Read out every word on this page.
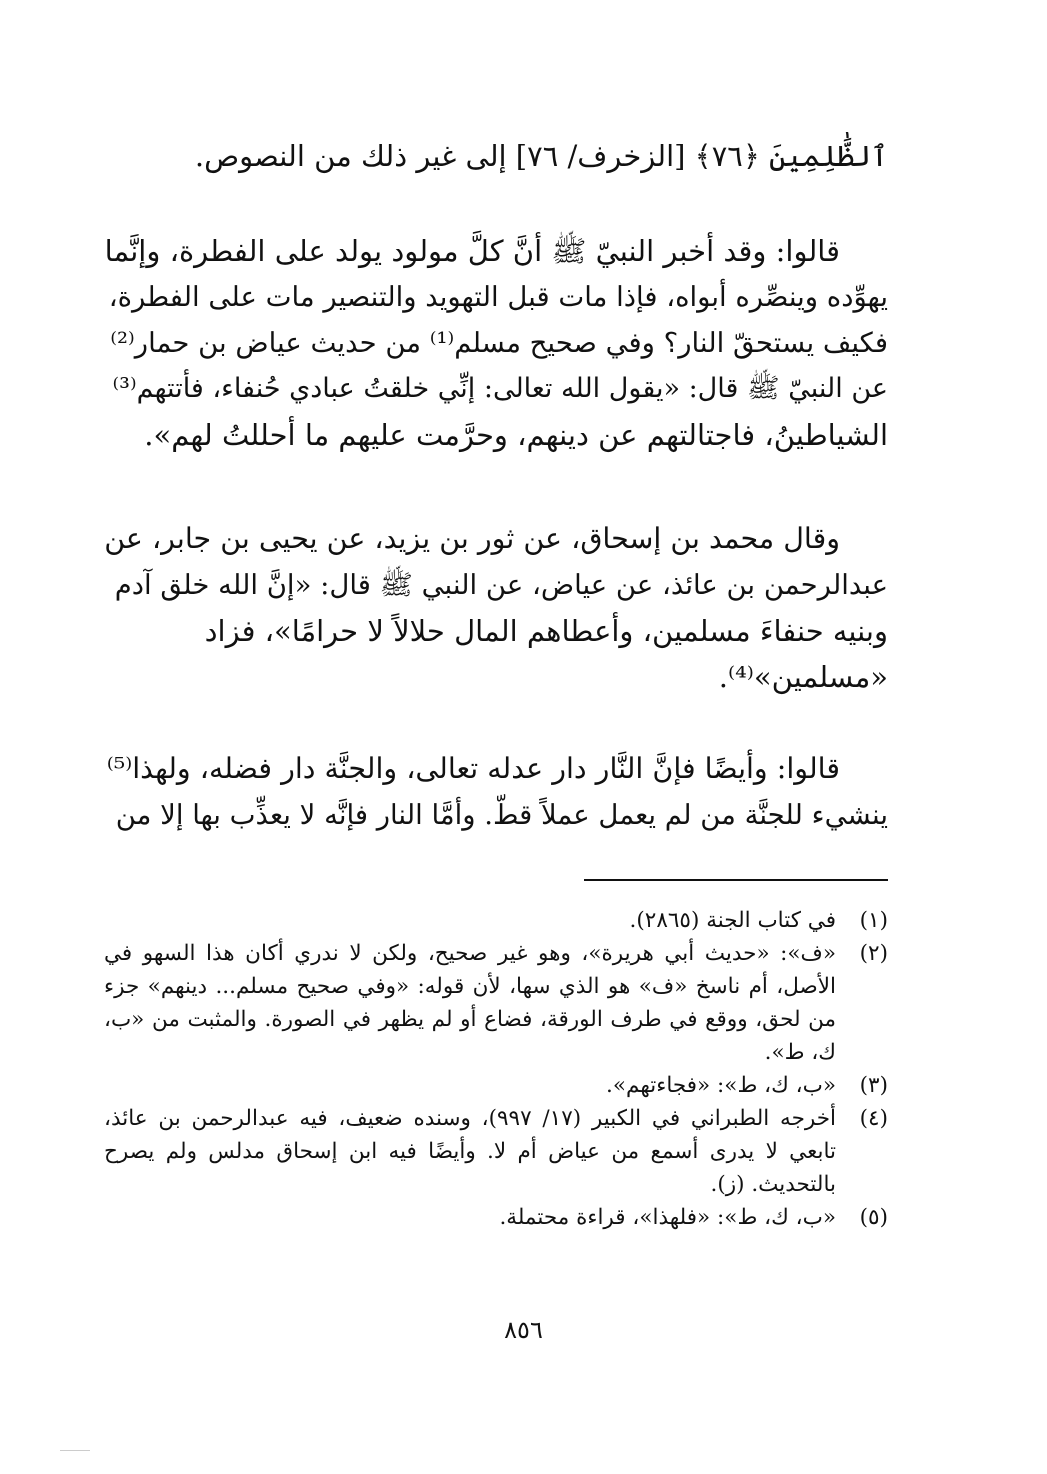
ٱلظَّٰلِمِينَ ﴿٧٦﴾ [الزخرف/ ٧٦] إلى غير ذلك من النصوص.

قالوا: وقد أخبر النبيّ ﷺ أنَّ كلَّ مولود يولد على الفطرة، وإنَّما
يهوِّده وينصِّره أبواه، فإذا مات قبل التهويد والتنصير مات على الفطرة،
فكيف يستحقّ النار؟ وفي صحيح مسلم⁽¹⁾ من حديث عياض بن حمار⁽²⁾
عن النبيّ ﷺ قال: «يقول الله تعالى: إنِّي خلقتُ عبادي حُنفاء، فأتتهم⁽³⁾
الشياطينُ، فاجتالتهم عن دينهم، وحرَّمت عليهم ما أحللتُ لهم».

وقال محمد بن إسحاق، عن ثور بن يزيد، عن يحيى بن جابر، عن
عبدالرحمن بن عائذ، عن عياض، عن النبي ﷺ قال: «إنَّ الله خلق آدم
وبنيه حنفاءَ مسلمين، وأعطاهم المال حلالاً لا حرامًا»، فزاد
«مسلمين»⁽⁴⁾.

قالوا: وأيضًا فإنَّ النَّار دار عدله تعالى، والجنَّة دار فضله، ولهذا⁽⁵⁾
ينشيء للجنَّة من لم يعمل عملاً قطّ. وأمَّا النار فإنَّه لا يعذِّب بها إلا من

(١)
في كتاب الجنة (٢٨٦٥).
(٢)
«ف»: «حديث أبي هريرة»، وهو غير صحيح، ولكن لا ندري أكان هذا السهو في الأصل، أم ناسخ «ف» هو الذي سها، لأن قوله: «وفي صحيح مسلم... دينهم» جزء من لحق، ووقع في طرف الورقة، فضاع أو لم يظهر في الصورة. والمثبت من «ب، ك، ط».
(٣)
«ب، ك، ط»: «فجاءتهم».
(٤)
أخرجه الطبراني في الكبير (١٧/ ٩٩٧)، وسنده ضعيف، فيه عبدالرحمن بن عائذ، تابعي لا يدرى أسمع من عياض أم لا. وأيضًا فيه ابن إسحاق مدلس ولم يصرح بالتحديث. (ز).
(٥)
«ب، ك، ط»: «فلهذا»، قراءة محتملة.
٨٥٦
